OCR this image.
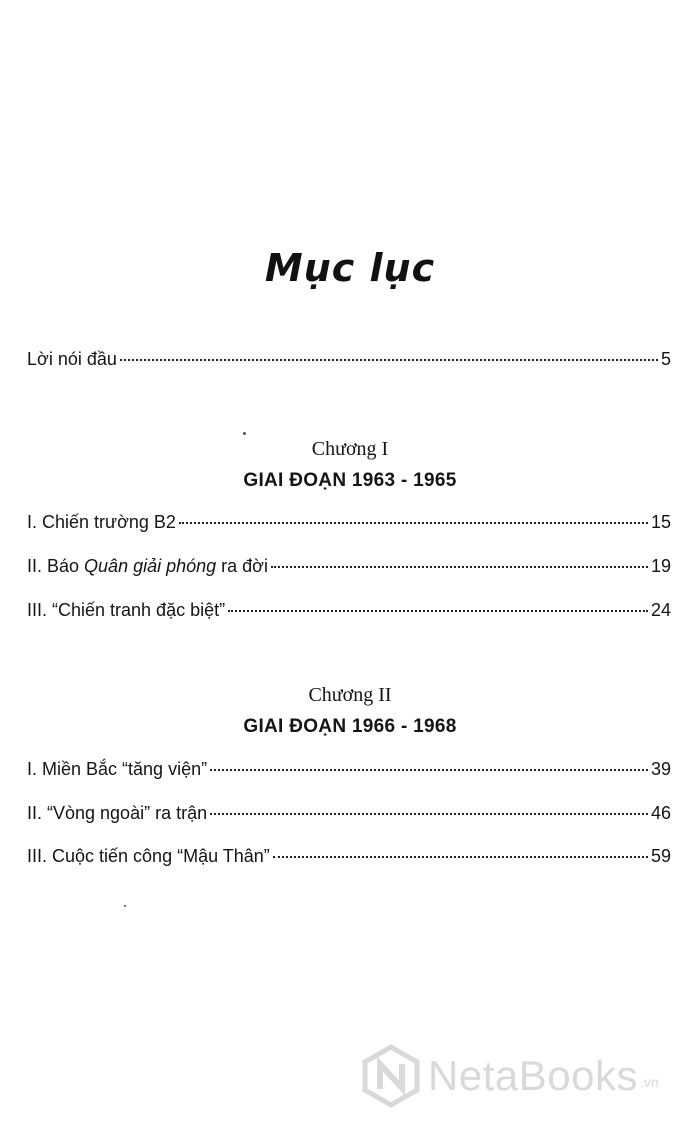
Mục lục
Lời nói đầu	5
Chương I
GIAI ĐOẠN 1963 - 1965
I. Chiến trường B2	15
II. Báo Quân giải phóng ra đời	19
III. “Chiến tranh đặc biệt”	24
Chương II
GIAI ĐOẠN 1966 - 1968
I. Miền Bắc “tăng viện”	39
II. “Vòng ngoài” ra trận	46
III. Cuộc tiến công “Mậu Thân”	59
NetaBooks .vn
